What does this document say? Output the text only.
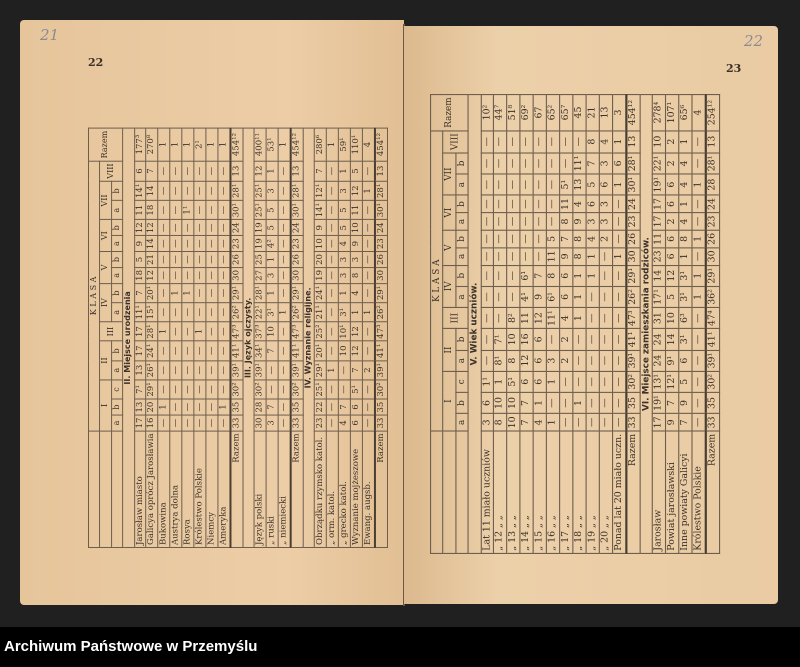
21
22
	K L A S A															Razem
	I			II		III	IV		V		VI		VII		VIII	
	a	b	c	a	b		a	b	a	b	a	b	a	b		
II. Miejsce urodzenia																
Jarosław miasto	17	13	7¹	13	17	17	11¹	7	18	5	9	12	11	14¹	6	177³
Galicya oprócz Jarosławia	16	20	29¹	26¹	24¹	28¹	15¹	20¹	12	21	14	12	18	14	7	270⁸
Bukowina	—	1	—	—	—	1	—	—	—	—	—	—	—	—	—	1
Austrya dolna	—	—	—	—	—	—	—	1	—	—	—	—	—	—	—	1
Rosya	—	—	—	—	—	—	—	1	—	—	—	—	1¹	—	—	1
Królestwo Polskie	—	—	—	—	—	1	—	—	—	—	—	—	—	—	—	2¹
Niemcy	—	—	—	—	—	—	—	—	—	—	—	—	—	—	—	1
Ameryka	—	1	—	—	—	—	—	—	—	—	—	—	—	—	—	1
Razem	33	35	30²	39¹	41¹	47³	26²	29¹	30	26	23	24	30¹	28¹	13	454¹²
III. Język ojczysty.																
Język polski	30	28	30²	39¹	34¹	37³	22¹	28¹	27	25	19	19	25¹	25¹	12	400¹¹
„ ruski	3	7	—	—	7	10	3¹	1	3	1	4²	5	5	3	1	53¹
„ niemiecki	—	—	—	—	—	—	1	—	—	—	—	—	—	—	—	1
Razem	33	35	30²	39¹	41¹	47³	26²	29¹	30	26	23	24	30¹	28¹	13	454¹²
IV. Wyznanie religijne.																
Obrządku rzymsko katol.	23	22	25¹	29¹	20¹	25²	21¹	24¹	19	20	10	9	14¹	12¹	7	280⁶
„ orm. katol.	—	—	—	1	—	—	—	—	—	—	—	—	—	—	—	1
„ grecko katol.	4	7	—	—	10	10¹	3¹	1	3	3	4	5	5	3	1	59¹
Wyznanie mojżeszowe	6	6	5¹	7	12	12	1	4	8	3	9	10	11	12	5	110¹
Ewang. augsb.	—	—	—	2	—	—	1	—	—	—	—	—	—	1	—	4
Razem	33	35	30²	39¹	41¹	47³	26²	29¹	30	26	23	24	30¹	28¹	13	454¹²
22
23
	K L A S A															Razem
	I			II		III	IV		V		VI		VII		VIII	
	a	b	c	a	b		a	b	a	b	a	b	a	b		
V. Wiek uczniów.																
Lat 11 miało uczniów	3	6	1¹	—	—	—	—	—	—	—	—	—	—	—	—	10²
„ 12 „ „	8	10	1	8¹	7¹	—	—	—	—	—	—	—	—	—	—	44⁷
„ 13 „ „	10	10	5¹	8	10	8²	—	—	—	—	—	—	—	—	—	51⁸
„ 14 „ „	7	7	6	12	16	11	4¹	6¹	—	—	—	—	—	—	—	69²
„ 15 „ „	4	1	6	6	6	12	9	7	—	—	—	—	—	—	—	67
„ 16 „ „	1	—	1	3	—	11¹	6¹	8	11	5	—	—	—	—	—	65²
„ 17 „ „	—	—	—	2	2	4	6	6	9	7	8	11	5¹	—	—	65⁷
„ 18 „ „	—	1	—	—	—	1	1	1	8	8	9	4	13	11¹	—	45
„ 19 „ „	—	—	—	—	—	—	—	1	1	4	3	6	5	7	8	21
„ 20 „ „	—	—	—	—	—	—	—	—	—	2	3	3	6	3	4	13
Ponad lat 20 miało uczn.	—	—	—	—	—	—	—	—	1	—	—	—	1	6	1	3
Razem	33	35	30²	39¹	41¹	47³	26²	29¹	30	26	23	24	30¹	28¹	13	454¹²
VI. Miejsce zamieszkania rodziców.																
Jarosław	17	19¹	13¹	24	24	31	17¹	14	23	11	17	17	19¹	22¹	10	278⁴
Powiat jarosławski	9	7	12¹	9¹	14	10	5	12	6	6	2	6	6	2	2	107¹
Inne powiaty Galicyi	7	9	5	6	3¹	6³	3¹	3¹	1	8	4	1	4	4	1	65⁶
Królestwo Polskie	—	—	—	—	—	—	1	1	—	1	—	—	1	—	—	4
Razem	33	35	30²	39¹	41¹	47⁴	36²	29¹	30	26	23	24	28	28¹	13	254¹²
Archiwum Państwowe w Przemyślu
